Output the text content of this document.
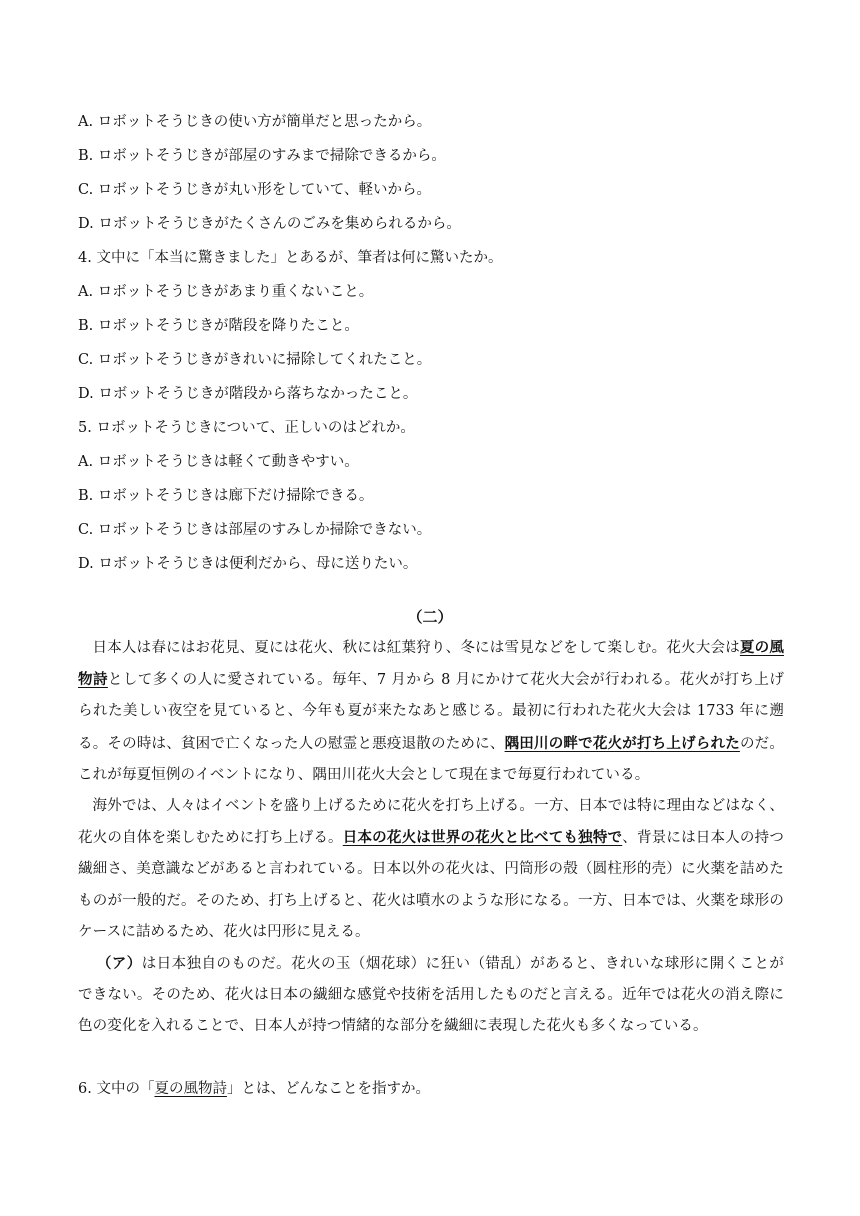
A. ロボットそうじきの使い方が簡単だと思ったから。
B. ロボットそうじきが部屋のすみまで掃除できるから。
C. ロボットそうじきが丸い形をしていて、軽いから。
D. ロボットそうじきがたくさんのごみを集められるから。
4. 文中に「本当に驚きました」とあるが、筆者は何に驚いたか。
A. ロボットそうじきがあまり重くないこと。
B. ロボットそうじきが階段を降りたこと。
C. ロボットそうじきがきれいに掃除してくれたこと。
D. ロボットそうじきが階段から落ちなかったこと。
5. ロボットそうじきについて、正しいのはどれか。
A. ロボットそうじきは軽くて動きやすい。
B. ロボットそうじきは廊下だけ掃除できる。
C. ロボットそうじきは部屋のすみしか掃除できない。
D. ロボットそうじきは便利だから、母に送りたい。
（二）

日本人は春にはお花見、夏には花火、秋には紅葉狩り、冬には雪見などをして楽しむ。花火大会は夏の風物詩として多くの人に愛されている。毎年、7 月から 8 月にかけて花火大会が行われる。花火が打ち上げられた美しい夜空を見ていると、今年も夏が来たなあと感じる。最初に行われた花火大会は 1733 年に遡る。その時は、貧困で亡くなった人の慰霊と悪疫退散のために、隅田川の畔で花火が打ち上げられたのだ。これが毎夏恒例のイベントになり、隅田川花火大会として現在まで毎夏行われている。

海外では、人々はイベントを盛り上げるために花火を打ち上げる。一方、日本では特に理由などはなく、花火の自体を楽しむために打ち上げる。日本の花火は世界の花火と比べても独特で、背景には日本人の持つ繊細さ、美意識などがあると言われている。日本以外の花火は、円筒形の殻（圆柱形的壳）に火薬を詰めたものが一般的だ。そのため、打ち上げると、花火は噴水のような形になる。一方、日本では、火薬を球形のケースに詰めるため、花火は円形に見える。

（ア）は日本独自のものだ。花火の玉（烟花球）に狂い（错乱）があると、きれいな球形に開くことができない。そのため、花火は日本の繊細な感覚や技術を活用したものだと言える。近年では花火の消え際に色の変化を入れることで、日本人が持つ情緒的な部分を繊細に表現した花火も多くなっている。

6. 文中の「夏の風物詩」とは、どんなことを指すか。
